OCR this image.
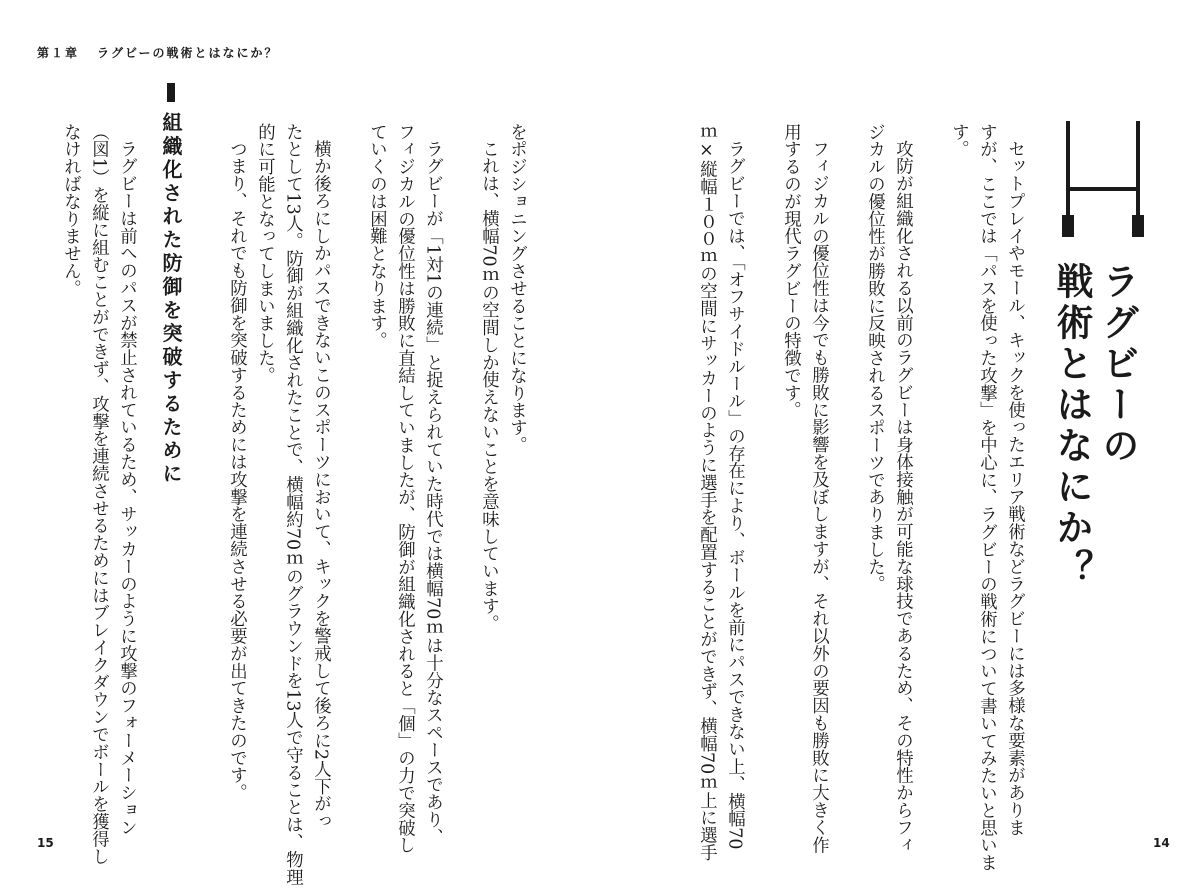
第１章 ラグビーの戦術とはなにか？

ラグビーの

戦術とはなにか？

セットプレイやモール、キックを使ったエリア戦術などラグビーには多様な要素がありま

すが、ここでは「パスを使った攻撃」を中心に、ラグビーの戦術について書いてみたいと思いま

す。

攻防が組織化される以前のラグビーは身体接触が可能な球技であるため、その特性からフィ

ジカルの優位性が勝敗に反映されるスポーツでありました。

フィジカルの優位性は今でも勝敗に影響を及ぼしますが、それ以外の要因も勝敗に大きく作

用するのが現代ラグビーの特徴です。

ラグビーでは、「オフサイドルール」の存在により、ボールを前にパスできない上、横幅70

ｍ×縦幅１００ｍの空間にサッカーのように選手を配置することができず、横幅70ｍ上に選手

をポジショニングさせることになります。

これは、横幅70ｍの空間しか使えないことを意味しています。

ラグビーが「1対1の連続」と捉えられていた時代では横幅70ｍは十分なスペースであり、

フィジカルの優位性は勝敗に直結していましたが、防御が組織化されると「個」の力で突破し

ていくのは困難となります。

横か後ろにしかパスできないこのスポーツにおいて、キックを警戒して後ろに2人下がっ

たとして13人。防御が組織化されたことで、横幅約70ｍのグラウンドを13人で守ることは、物理

的に可能となってしまいました。

つまり、それでも防御を突破するためには攻撃を連続させる必要が出てきたのです。

組織化された防御を突破するために

ラグビーは前へのパスが禁止されているため、サッカーのように攻撃のフォーメーション

（図1）を縦に組むことができず、攻撃を連続させるためにはブレイクダウンでボールを獲得し

なければなりません。

15	14
